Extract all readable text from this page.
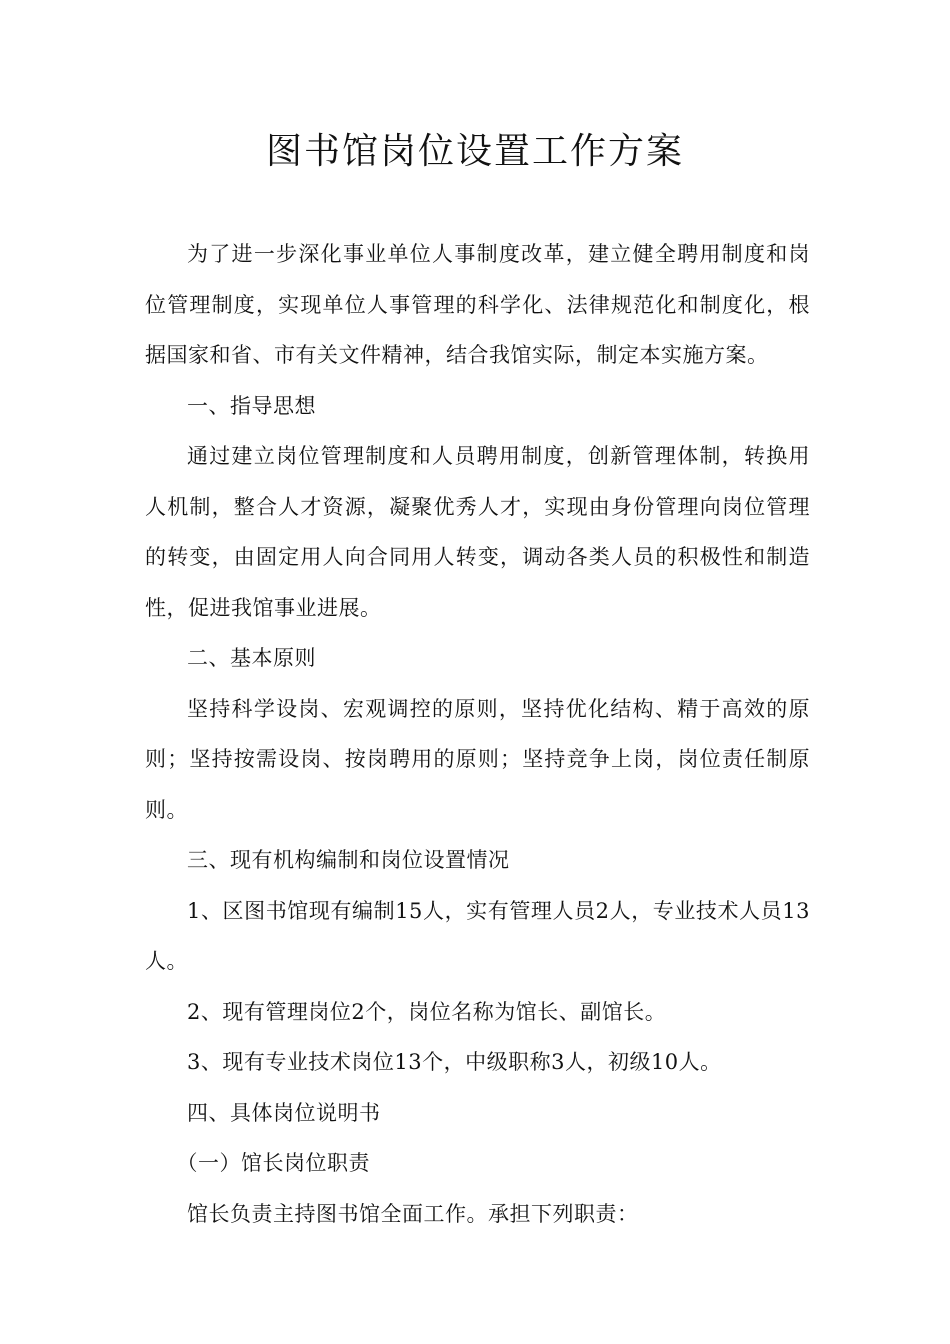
图书馆岗位设置工作方案

为了进一步深化事业单位人事制度改革，建立健全聘用制度和岗位管理制度，实现单位人事管理的科学化、法律规范化和制度化，根据国家和省、市有关文件精神，结合我馆实际，制定本实施方案。

一、指导思想

通过建立岗位管理制度和人员聘用制度，创新管理体制，转换用人机制，整合人才资源，凝聚优秀人才，实现由身份管理向岗位管理的转变，由固定用人向合同用人转变，调动各类人员的积极性和制造性，促进我馆事业进展。

二、基本原则

坚持科学设岗、宏观调控的原则，坚持优化结构、精于高效的原则；坚持按需设岗、按岗聘用的原则；坚持竞争上岗，岗位责任制原则。

三、现有机构编制和岗位设置情况

1、区图书馆现有编制15人，实有管理人员2人，专业技术人员13人。

2、现有管理岗位2个，岗位名称为馆长、副馆长。

3、现有专业技术岗位13个，中级职称3人，初级10人。

四、具体岗位说明书

（一）馆长岗位职责

馆长负责主持图书馆全面工作。承担下列职责：
